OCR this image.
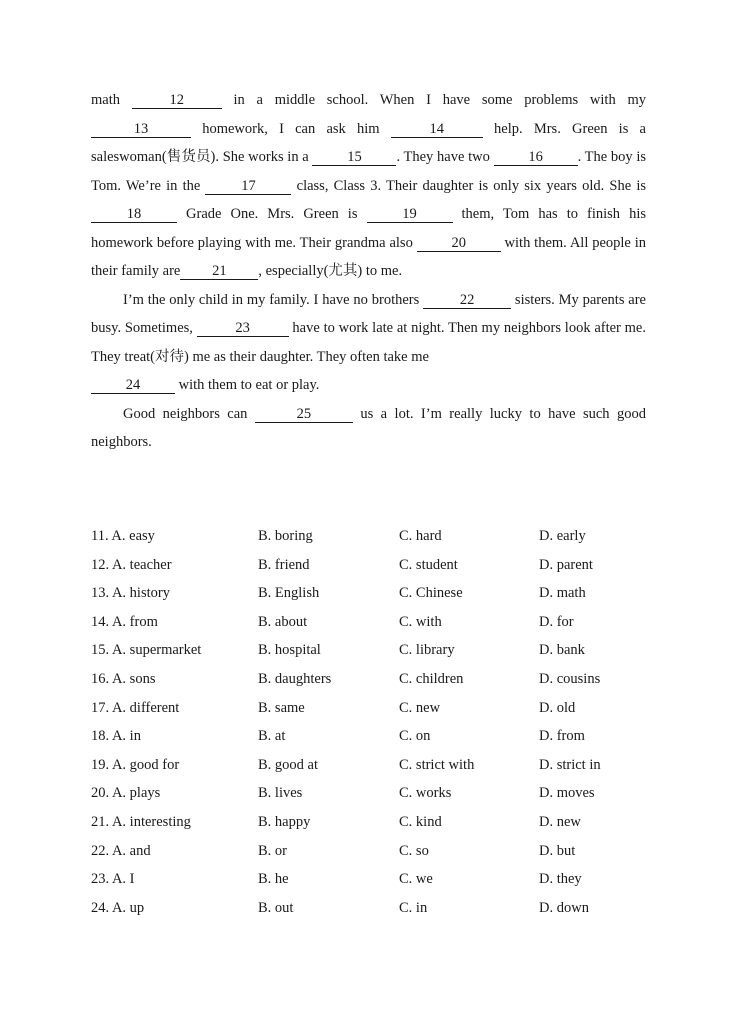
math	12	in a middle school. When I have some problems with my 13	homework, I can ask him	14	help. Mrs. Green is a saleswoman(售货员). She works in a 15 . They have two 16 . The boy is Tom. We’re in the 17 class, Class 3. Their daughter is only six years old. She is 18 Grade One. Mrs. Green is 19 them, Tom has to finish his homework before playing with me. Their grandma also 20 with them. All people in their family are 21 , especially(尤其) to me.

I’m the only child in my family. I have no brothers	22	sisters. My parents are busy. Sometimes,	23	have to work late at night. Then my neighbors look after me. They treat(对待) me as their daughter. They often take me
24 with them to eat or play.

Good neighbors can	25	us a lot. I’m really lucky to have such good neighbors.

11. A. easy	B. boring	C. hard	D. early
12. A. teacher	B. friend	C. student	D. parent
13. A. history	B. English	C. Chinese	D. math
14. A. from	B. about	C. with	D. for
15. A. supermarket	B. hospital	C. library	D. bank
16. A. sons	B. daughters	C. children	D. cousins
17. A. different	B. same	C. new	D. old
18. A. in	B. at	C. on	D. from
19. A. good for	B. good at	C. strict with	D. strict in
20. A. plays	B. lives	C. works	D. moves
21. A. interesting	B. happy	C. kind	D. new
22. A. and	B. or	C. so	D. but
23. A. I	B. he	C. we	D. they
24. A. up	B. out	C. in	D. down
